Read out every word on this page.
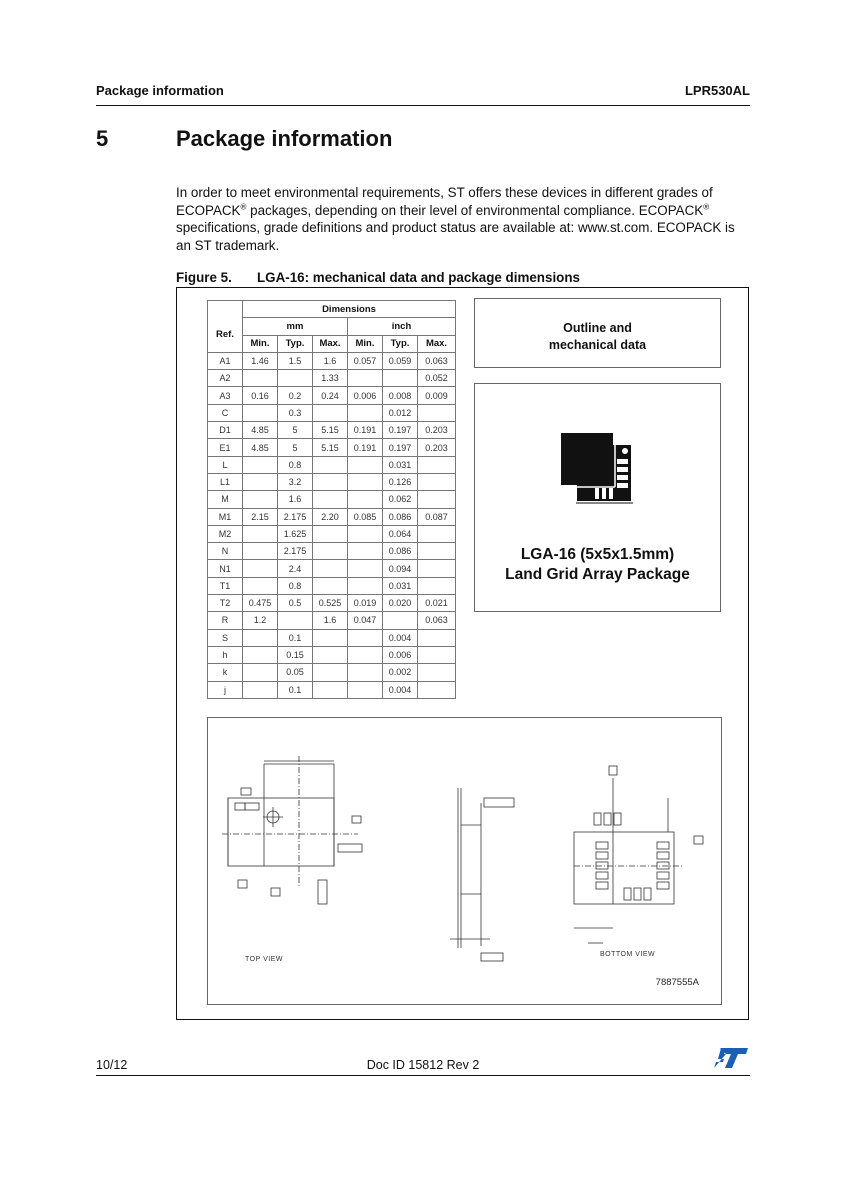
Package information	LPR530AL
5	Package information
In order to meet environmental requirements, ST offers these devices in different grades of ECOPACK® packages, depending on their level of environmental compliance. ECOPACK® specifications, grade definitions and product status are available at: www.st.com. ECOPACK is an ST trademark.
Figure 5. LGA-16: mechanical data and package dimensions
	Dimensions					
Ref.	mm			inch		
	Min.	Typ.	Max.	Min.	Typ.	Max.
A1	1.46	1.5	1.6	0.057	0.059	0.063
A2			1.33			0.052
A3	0.16	0.2	0.24	0.006	0.008	0.009
C		0.3			0.012	
D1	4.85	5	5.15	0.191	0.197	0.203
E1	4.85	5	5.15	0.191	0.197	0.203
L		0.8			0.031	
L1		3.2			0.126	
M		1.6			0.062	
M1	2.15	2.175	2.20	0.085	0.086	0.087
M2		1.625			0.064	
N		2.175			0.086	
N1		2.4			0.094	
T1		0.8			0.031	
T2	0.475	0.5	0.525	0.019	0.020	0.021
R	1.2		1.6	0.047		0.063
S		0.1			0.004	
h		0.15			0.006	
k		0.05			0.002	
j		0.1			0.004	
Outline and
mechanical data
LGA-16 (5x5x1.5mm)
Land Grid Array Package
TOP VIEW
BOTTOM VIEW
7887555A
10/12	Doc ID 15812 Rev 2
